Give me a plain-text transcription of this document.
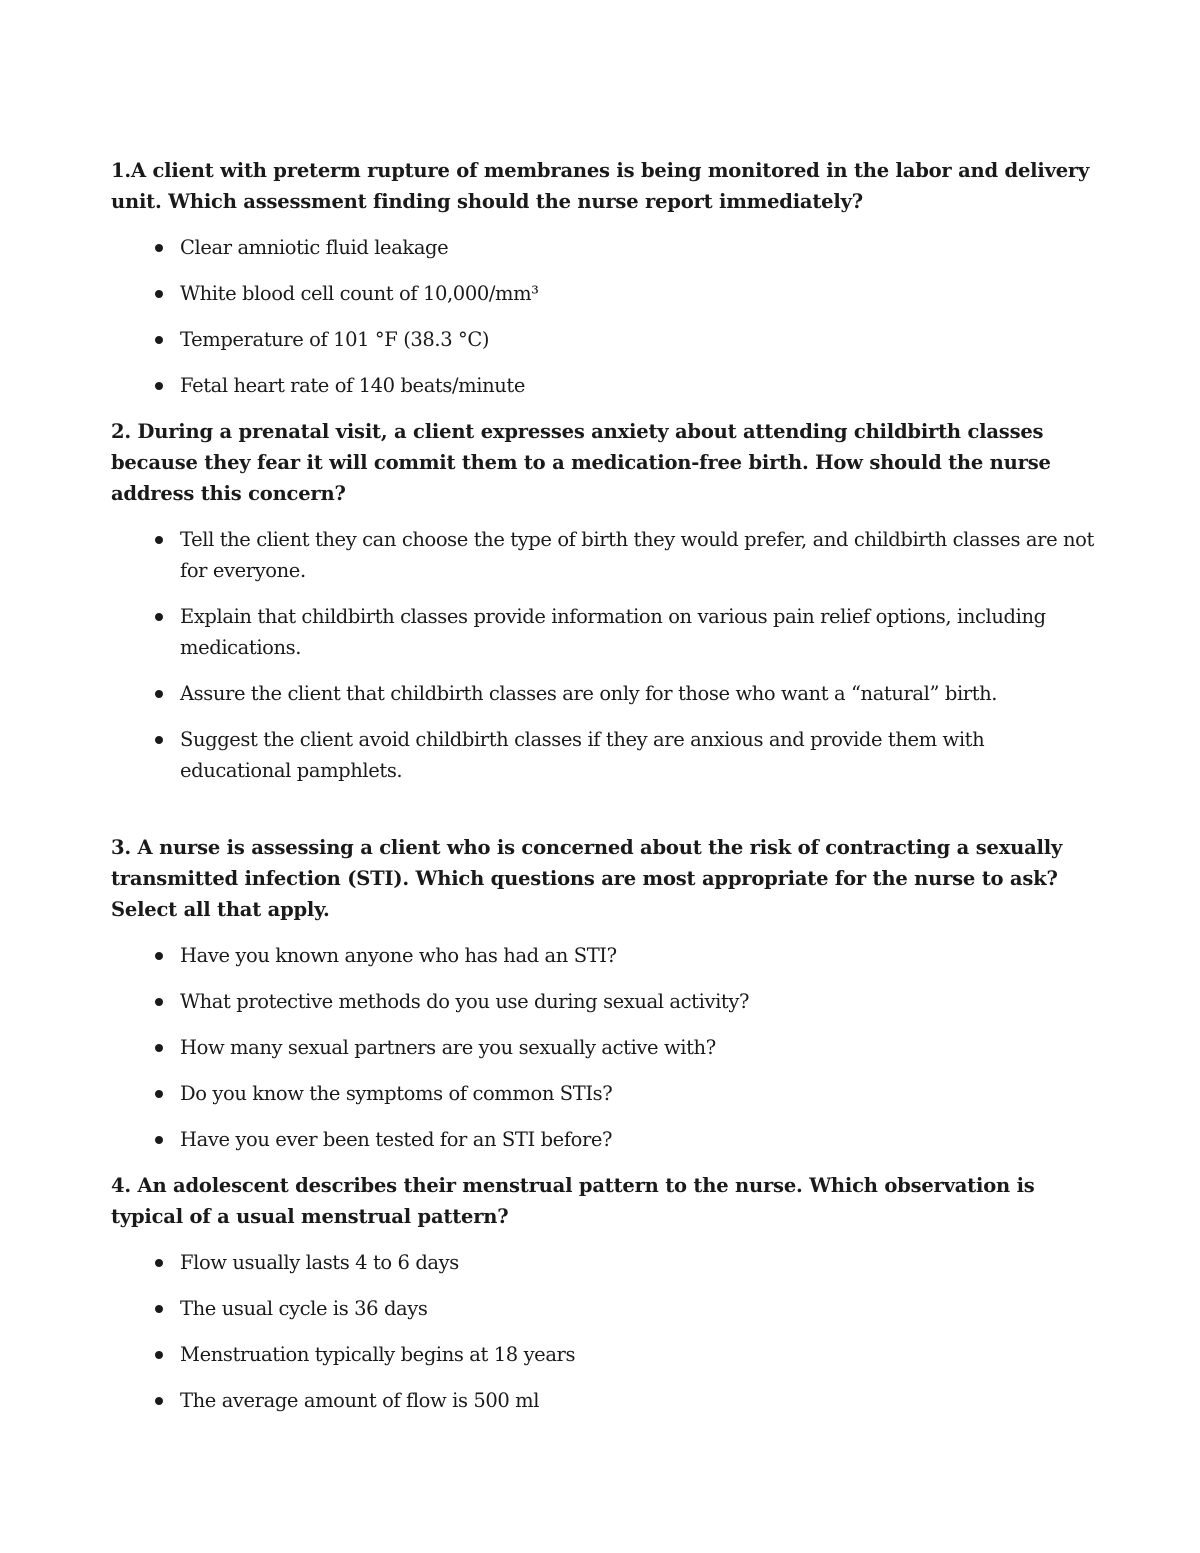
1.A client with preterm rupture of membranes is being monitored in the labor and delivery unit. Which assessment finding should the nurse report immediately?

Clear amniotic fluid leakage
White blood cell count of 10,000/mm³
Temperature of 101 °F (38.3 °C)
Fetal heart rate of 140 beats/minute

2. During a prenatal visit, a client expresses anxiety about attending childbirth classes because they fear it will commit them to a medication-free birth. How should the nurse address this concern?

Tell the client they can choose the type of birth they would prefer, and childbirth classes are not for everyone.
Explain that childbirth classes provide information on various pain relief options, including medications.
Assure the client that childbirth classes are only for those who want a “natural” birth.
Suggest the client avoid childbirth classes if they are anxious and provide them with educational pamphlets.

3. A nurse is assessing a client who is concerned about the risk of contracting a sexually transmitted infection (STI). Which questions are most appropriate for the nurse to ask? Select all that apply.

Have you known anyone who has had an STI?
What protective methods do you use during sexual activity?
How many sexual partners are you sexually active with?
Do you know the symptoms of common STIs?
Have you ever been tested for an STI before?

4. An adolescent describes their menstrual pattern to the nurse. Which observation is typical of a usual menstrual pattern?

Flow usually lasts 4 to 6 days
The usual cycle is 36 days
Menstruation typically begins at 18 years
The average amount of flow is 500 ml
